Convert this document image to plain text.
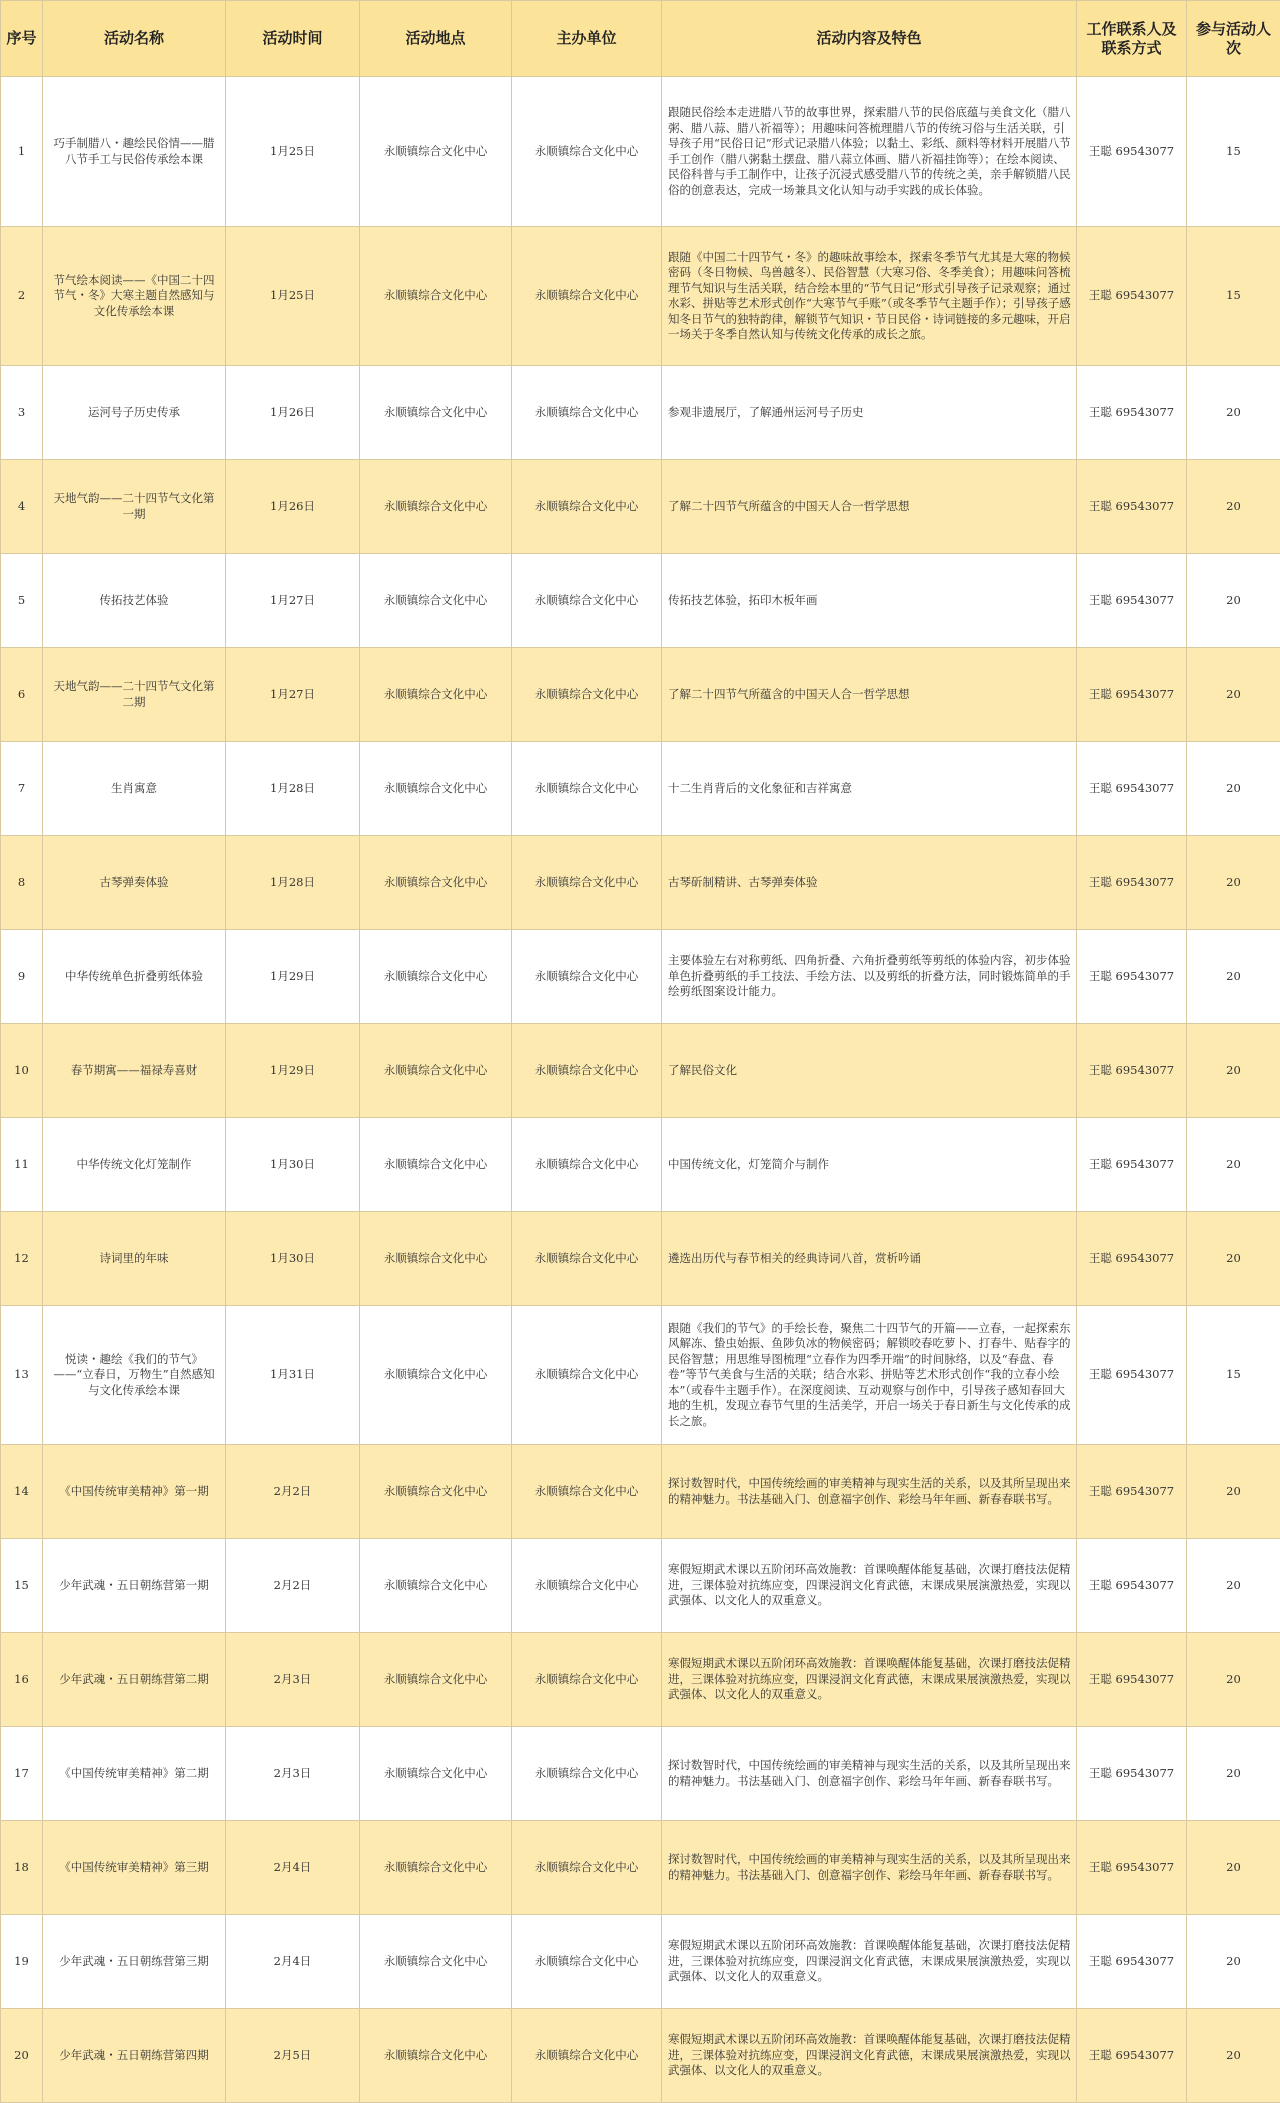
序号	活动名称	活动时间	活动地点	主办单位	活动内容及特色	工作联系人及联系方式	参与活动人次
1	巧手制腊八・趣绘民俗情——腊八节手工与民俗传承绘本课	1月25日	永顺镇综合文化中心	永顺镇综合文化中心	跟随民俗绘本走进腊八节的故事世界，探索腊八节的民俗底蕴与美食文化（腊八粥、腊八蒜、腊八祈福等）；用趣味问答梳理腊八节的传统习俗与生活关联，引导孩子用“民俗日记”形式记录腊八体验；以黏土、彩纸、颜料等材料开展腊八节手工创作（腊八粥黏土摆盘、腊八蒜立体画、腊八祈福挂饰等）；在绘本阅读、民俗科普与手工制作中，让孩子沉浸式感受腊八节的传统之美，亲手解锁腊八民俗的创意表达，完成一场兼具文化认知与动手实践的成长体验。	王聪 69543077	15
2	节气绘本阅读——《中国二十四节气・冬》大寒主题自然感知与文化传承绘本课	1月25日	永顺镇综合文化中心	永顺镇综合文化中心	跟随《中国二十四节气・冬》的趣味故事绘本，探索冬季节气尤其是大寒的物候密码（冬日物候、鸟兽越冬）、民俗智慧（大寒习俗、冬季美食）；用趣味问答梳理节气知识与生活关联，结合绘本里的“节气日记”形式引导孩子记录观察；通过水彩、拼贴等艺术形式创作“大寒节气手账”（或冬季节气主题手作）；引导孩子感知冬日节气的独特韵律，解锁节气知识・节日民俗・诗词链接的多元趣味，开启一场关于冬季自然认知与传统文化传承的成长之旅。	王聪 69543077	15
3	运河号子历史传承	1月26日	永顺镇综合文化中心	永顺镇综合文化中心	参观非遗展厅，了解通州运河号子历史	王聪 69543077	20
4	天地气韵——二十四节气文化第一期	1月26日	永顺镇综合文化中心	永顺镇综合文化中心	了解二十四节气所蕴含的中国天人合一哲学思想	王聪 69543077	20
5	传拓技艺体验	1月27日	永顺镇综合文化中心	永顺镇综合文化中心	传拓技艺体验，拓印木板年画	王聪 69543077	20
6	天地气韵——二十四节气文化第二期	1月27日	永顺镇综合文化中心	永顺镇综合文化中心	了解二十四节气所蕴含的中国天人合一哲学思想	王聪 69543077	20
7	生肖寓意	1月28日	永顺镇综合文化中心	永顺镇综合文化中心	十二生肖背后的文化象征和吉祥寓意	王聪 69543077	20
8	古琴弹奏体验	1月28日	永顺镇综合文化中心	永顺镇综合文化中心	古琴斫制精讲、古琴弹奏体验	王聪 69543077	20
9	中华传统单色折叠剪纸体验	1月29日	永顺镇综合文化中心	永顺镇综合文化中心	主要体验左右对称剪纸、四角折叠、六角折叠剪纸等剪纸的体验内容，初步体验单色折叠剪纸的手工技法、手绘方法、以及剪纸的折叠方法，同时锻炼简单的手绘剪纸图案设计能力。	王聪 69543077	20
10	春节期寓——福禄寿喜财	1月29日	永顺镇综合文化中心	永顺镇综合文化中心	了解民俗文化	王聪 69543077	20
11	中华传统文化灯笼制作	1月30日	永顺镇综合文化中心	永顺镇综合文化中心	中国传统文化，灯笼简介与制作	王聪 69543077	20
12	诗词里的年味	1月30日	永顺镇综合文化中心	永顺镇综合文化中心	遴选出历代与春节相关的经典诗词八首，赏析吟诵	王聪 69543077	20
13	悦读・趣绘《我们的节气》——“立春日，万物生”自然感知与文化传承绘本课	1月31日	永顺镇综合文化中心	永顺镇综合文化中心	跟随《我们的节气》的手绘长卷，聚焦二十四节气的开篇——立春，一起探索东风解冻、蛰虫始振、鱼陟负冰的物候密码；解锁咬春吃萝卜、打春牛、贴春字的民俗智慧；用思维导图梳理“立春作为四季开端”的时间脉络，以及“春盘、春卷”等节气美食与生活的关联；结合水彩、拼贴等艺术形式创作“我的立春小绘本”（或春牛主题手作）。在深度阅读、互动观察与创作中，引导孩子感知春回大地的生机，发现立春节气里的生活美学，开启一场关于春日新生与文化传承的成长之旅。	王聪 69543077	15
14	《中国传统审美精神》第一期	2月2日	永顺镇综合文化中心	永顺镇综合文化中心	探讨数智时代，中国传统绘画的审美精神与现实生活的关系，以及其所呈现出来的精神魅力。书法基础入门、创意福字创作、彩绘马年年画、新春春联书写。	王聪 69543077	20
15	少年武魂・五日朝练营第一期	2月2日	永顺镇综合文化中心	永顺镇综合文化中心	寒假短期武术课以五阶闭环高效施教：首课唤醒体能复基础，次课打磨技法促精进，三课体验对抗练应变，四课浸润文化育武德，末课成果展演激热爱，实现以武强体、以文化人的双重意义。	王聪 69543077	20
16	少年武魂・五日朝练营第二期	2月3日	永顺镇综合文化中心	永顺镇综合文化中心	寒假短期武术课以五阶闭环高效施教：首课唤醒体能复基础，次课打磨技法促精进，三课体验对抗练应变，四课浸润文化育武德，末课成果展演激热爱，实现以武强体、以文化人的双重意义。	王聪 69543077	20
17	《中国传统审美精神》第二期	2月3日	永顺镇综合文化中心	永顺镇综合文化中心	探讨数智时代，中国传统绘画的审美精神与现实生活的关系，以及其所呈现出来的精神魅力。书法基础入门、创意福字创作、彩绘马年年画、新春春联书写。	王聪 69543077	20
18	《中国传统审美精神》第三期	2月4日	永顺镇综合文化中心	永顺镇综合文化中心	探讨数智时代，中国传统绘画的审美精神与现实生活的关系，以及其所呈现出来的精神魅力。书法基础入门、创意福字创作、彩绘马年年画、新春春联书写。	王聪 69543077	20
19	少年武魂・五日朝练营第三期	2月4日	永顺镇综合文化中心	永顺镇综合文化中心	寒假短期武术课以五阶闭环高效施教：首课唤醒体能复基础，次课打磨技法促精进，三课体验对抗练应变，四课浸润文化育武德，末课成果展演激热爱，实现以武强体、以文化人的双重意义。	王聪 69543077	20
20	少年武魂・五日朝练营第四期	2月5日	永顺镇综合文化中心	永顺镇综合文化中心	寒假短期武术课以五阶闭环高效施教：首课唤醒体能复基础，次课打磨技法促精进，三课体验对抗练应变，四课浸润文化育武德，末课成果展演激热爱，实现以武强体、以文化人的双重意义。	王聪 69543077	20
